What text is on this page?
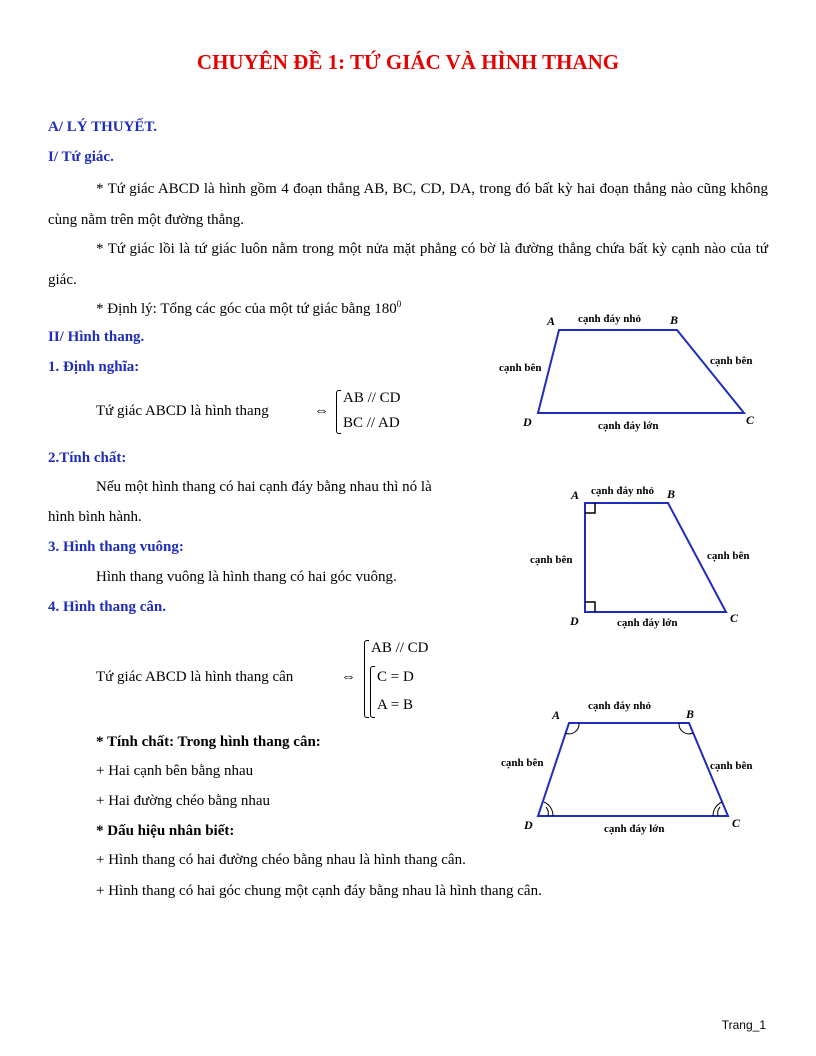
CHUYÊN ĐỀ 1: TỨ GIÁC VÀ HÌNH THANG
A/ LÝ THUYẾT.
I/ Tứ giác.
* Tứ giác ABCD là hình gồm 4 đoạn thẳng AB, BC, CD, DA, trong đó bất kỳ hai đoạn thẳng nào cũng không cùng nằm trên một đường thẳng.
* Tứ giác lồi là tứ giác luôn nằm trong một nửa mặt phẳng có bờ là đường thẳng chứa bất kỳ cạnh nào của tứ giác.
* Định lý: Tổng các góc của một tứ giác bằng $180^0$
II/ Hình thang.
1. Định nghĩa:
Tứ giác ABCD là hình thang	⇔
AB // CD
BC // AD
2.Tính chất:
Nếu một hình thang có hai cạnh đáy bằng nhau thì nó là
hình bình hành.
3. Hình thang vuông:
Hình thang vuông là hình thang có hai góc vuông.
4. Hình thang cân.
Tứ giác ABCD là hình thang cân	⇔
AB // CD
C = D
A = B
* Tính chất: Trong hình thang cân:
+ Hai cạnh bên bằng nhau
+ Hai đường chéo bằng nhau
* Dấu hiệu nhân biết:
+ Hình thang có hai đường chéo bằng nhau là hình thang cân.
+ Hình thang có hai góc chung một cạnh đáy bằng nhau là hình thang cân.
A	B
C
D
cạnh đáy nhỏ
cạnh đáy lớn
cạnh bên
cạnh bên
A	B
C
D
cạnh đáy nhỏ
cạnh đáy lớn
cạnh bên	cạnh bên
A	B
C
D
cạnh đáy nhỏ
cạnh đáy lớn
cạnh bên	cạnh bên
Trang_1
